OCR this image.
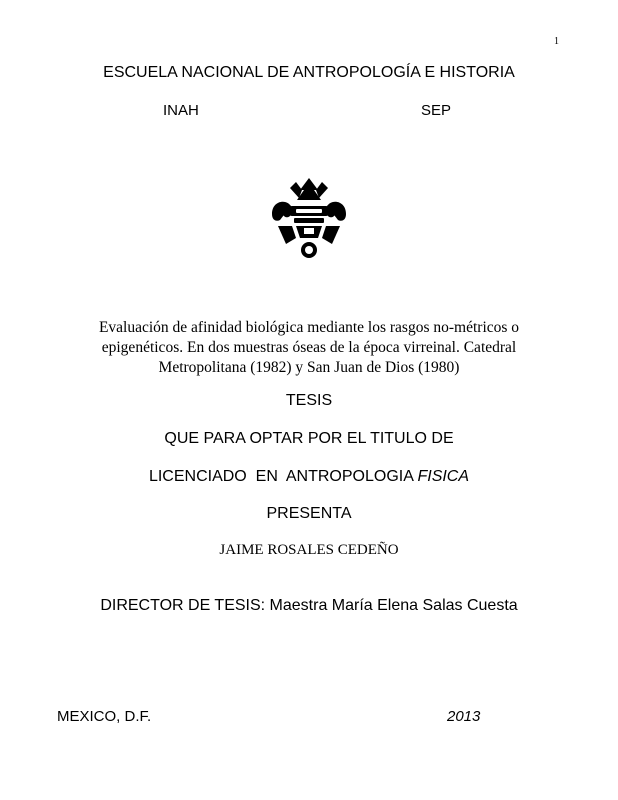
1
ESCUELA NACIONAL DE ANTROPOLOGÍA E HISTORIA
INAH	SEP
Evaluación de afinidad biológica mediante los rasgos no-métricos o epigenéticos. En dos muestras óseas de la época virreinal. Catedral Metropolitana (1982) y San Juan de Dios (1980)
TESIS
QUE PARA OPTAR POR EL TITULO DE
LICENCIADO  EN  ANTROPOLOGIA FISICA
PRESENTA
JAIME ROSALES CEDEÑO
DIRECTOR DE TESIS: Maestra María Elena Salas Cuesta
MEXICO, D.F.	2013
